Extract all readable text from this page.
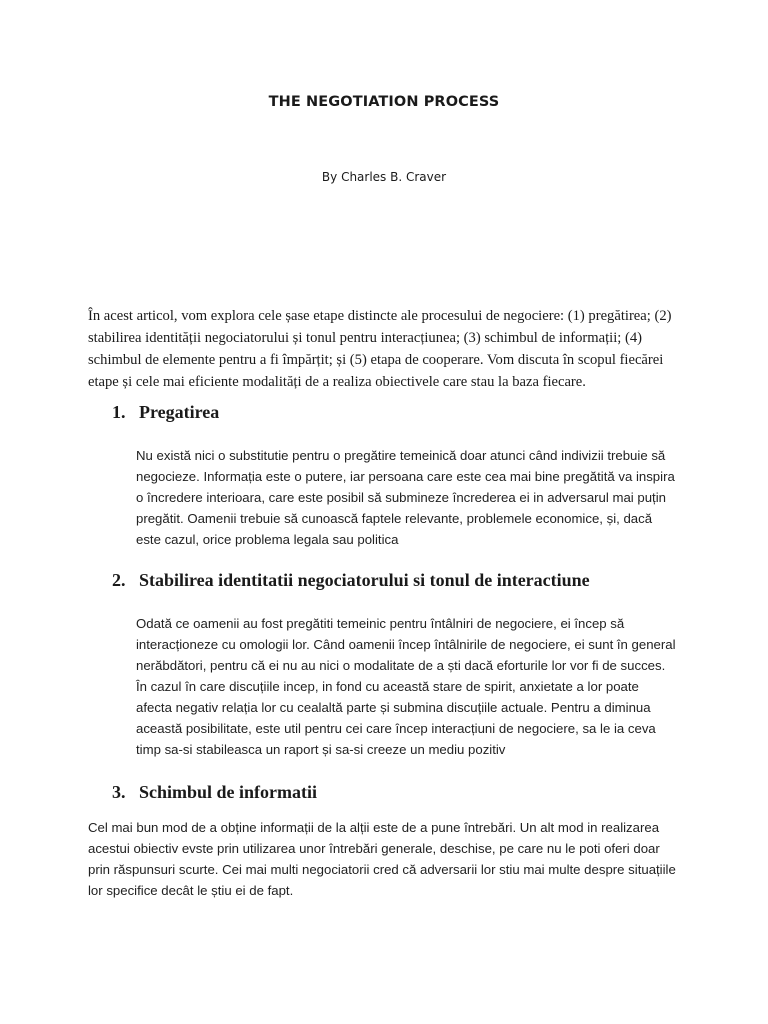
THE NEGOTIATION PROCESS

By Charles B. Craver

În acest articol, vom explora cele șase etape distincte ale procesului de negociere: (1) pregătirea; (2) stabilirea identității negociatorului și tonul pentru interacțiunea; (3) schimbul de informații; (4) schimbul de elemente pentru a fi împărțit; și (5) etapa de cooperare. Vom discuta în scopul fiecărei etape și cele mai eficiente modalități de a realiza obiectivele care stau la baza fiecare.

1. Pregatirea

Nu există nici o substitutie pentru o pregătire temeinică doar atunci când indivizii trebuie să negocieze. Informația este o putere, iar persoana care este cea mai bine pregătită va inspira o încredere interioara, care este posibil să submineze încrederea ei in adversarul mai puțin pregătit. Oamenii trebuie să cunoască faptele relevante, problemele economice, și, dacă este cazul, orice problema legala sau politica

2. Stabilirea identitatii negociatorului si tonul de interactiune

Odată ce oamenii au fost pregătiti temeinic pentru întâlniri de negociere, ei încep să interacționeze cu omologii lor. Când oamenii încep întâlnirile de negociere, ei sunt în general nerăbdători, pentru că ei nu au nici o modalitate de a ști dacă eforturile lor vor fi de succes. În cazul în care discuțiile incep, in fond cu această stare de spirit, anxietate a lor poate afecta negativ relația lor cu cealaltă parte și submina discuțiile actuale. Pentru a diminua această posibilitate, este util pentru cei care încep interacțiuni de negociere, sa le ia ceva timp sa-si stabileasca un raport și sa-si creeze un mediu pozitiv

3. Schimbul de informatii

Cel mai bun mod de a obține informații de la alții este de a pune întrebări. Un alt mod in realizarea acestui obiectiv evste prin utilizarea unor întrebări generale, deschise, pe care nu le poti oferi doar prin răspunsuri scurte. Cei mai multi negociatorii cred că adversarii lor stiu mai multe despre situațiile lor specifice decât le știu ei de fapt.
